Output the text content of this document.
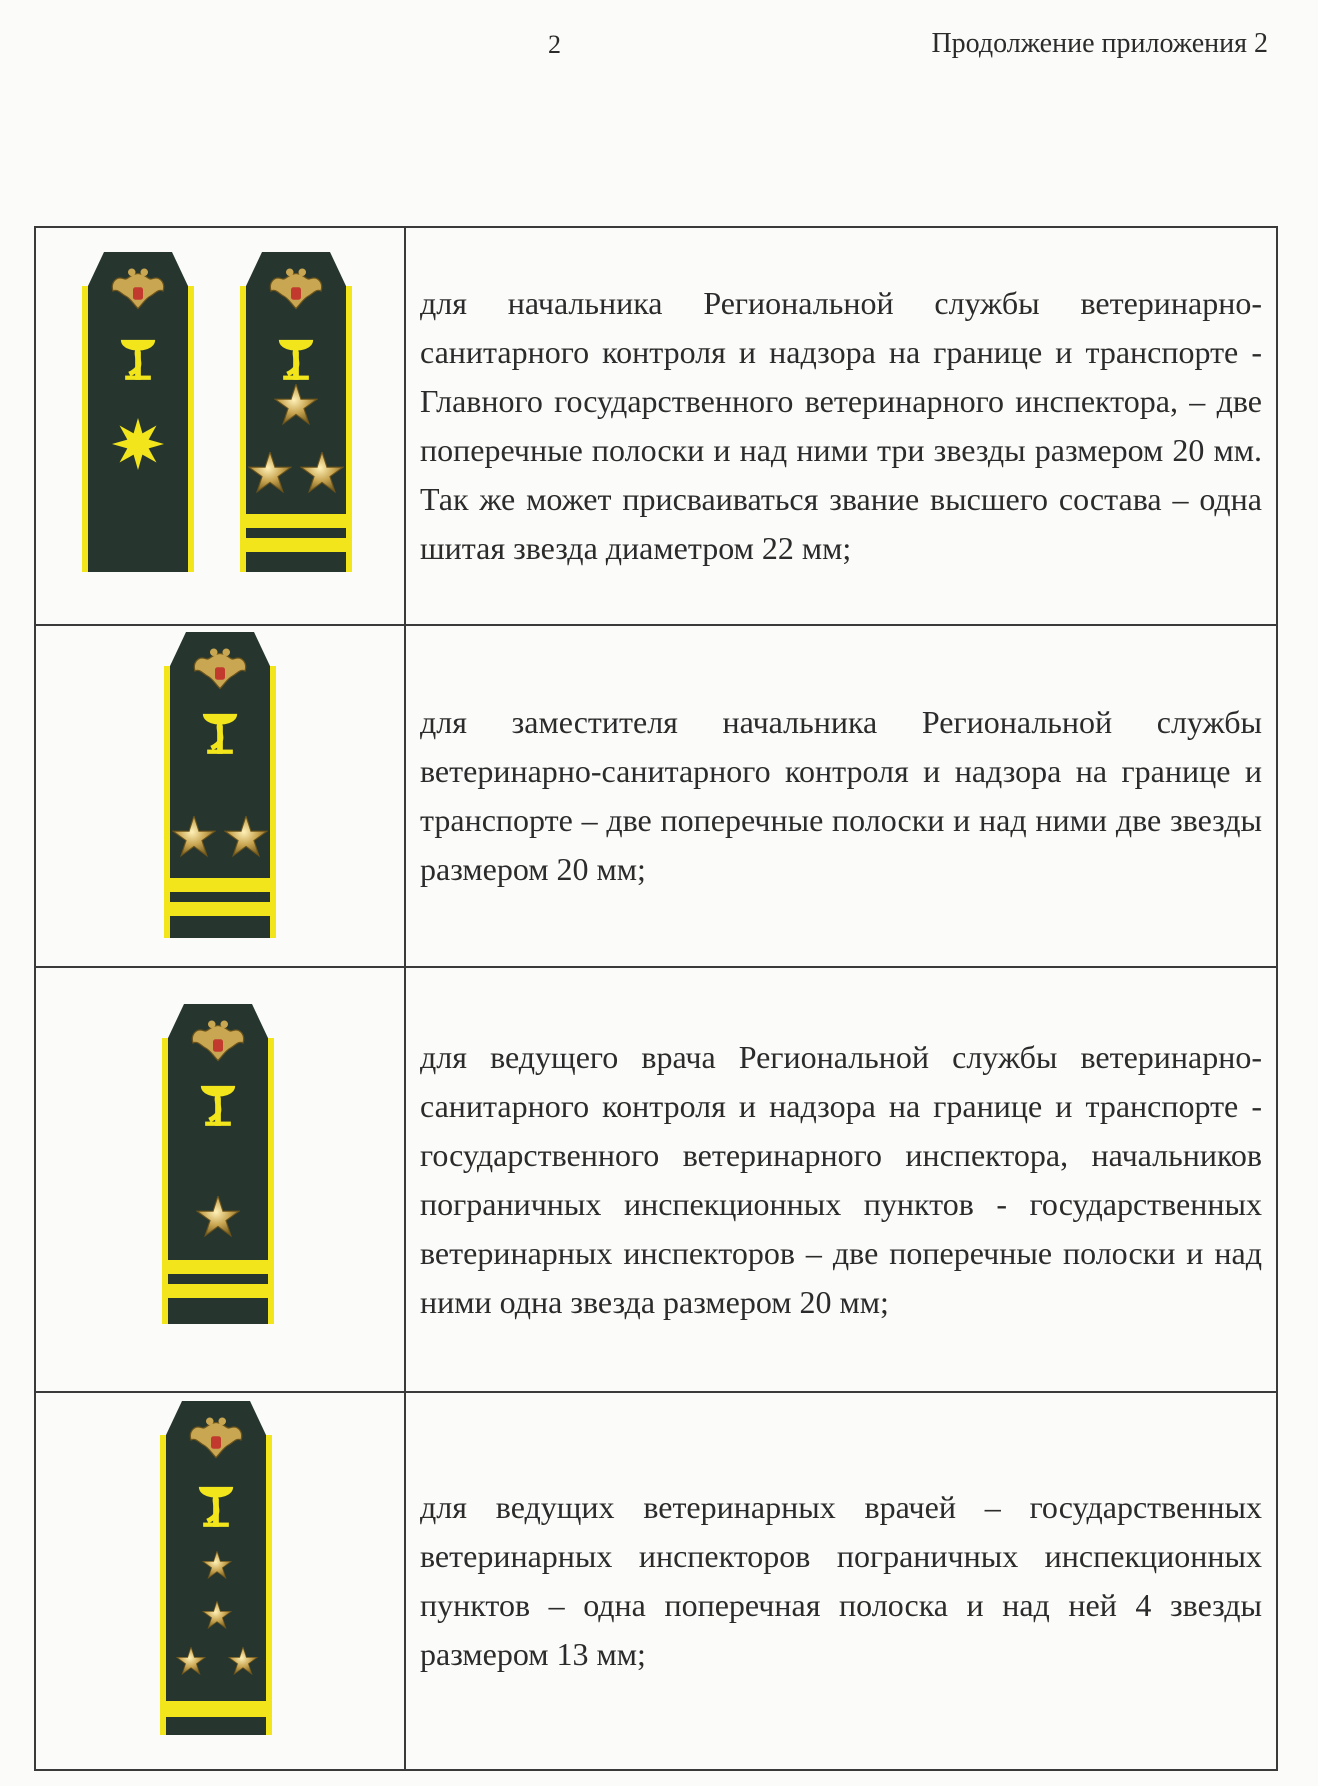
2	Продолжение приложения 2
	для начальника Региональной службы ветеринарно-санитарного контроля и надзора на границе и транспорте - Главного государственного ветеринарного инспектора, – две поперечные полоски и над ними три звезды размером 20 мм. Так же может присваиваться звание высшего состава – одна шитая звезда диаметром 22 мм;

	для заместителя начальника Региональной службы ветеринарно-санитарного контроля и надзора на границе и транспорте – две поперечные полоски и над ними две звезды размером 20 мм;

	для ведущего врача Региональной службы ветеринарно-санитарного контроля и надзора на границе и транспорте - государственного ветеринарного инспектора, начальников пограничных инспекционных пунктов - государственных ветеринарных инспекторов – две поперечные полоски и над ними одна звезда размером 20 мм;

	для ведущих ветеринарных врачей – государственных ветеринарных инспекторов пограничных инспекционных пунктов – одна поперечная полоска и над ней 4 звезды размером 13 мм;
